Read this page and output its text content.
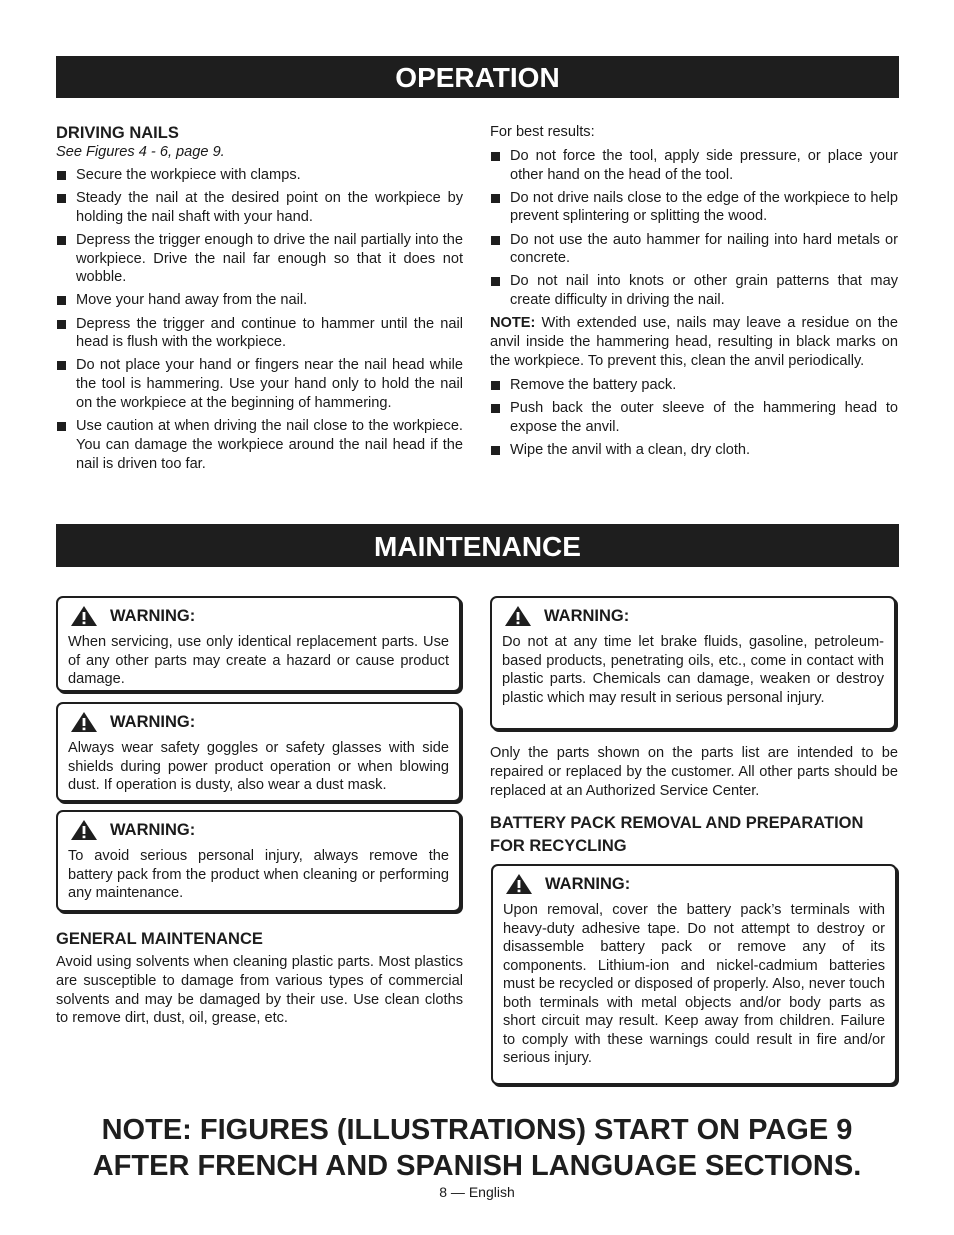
OPERATION
DRIVING NAILS
See Figures 4 - 6, page 9.
Secure the workpiece with clamps.
Steady the nail at the desired point on the workpiece by holding the nail shaft with your hand.
Depress the trigger enough to drive the nail partially into the workpiece. Drive the nail far enough so that it does not wobble.
Move your hand away from the nail.
Depress the trigger and continue to hammer until the nail head is flush with the workpiece.
Do not place your hand or fingers near the nail head while the tool is hammering. Use your hand only to hold the nail on the workpiece at the beginning of hammering.
Use caution at when driving the nail close to the workpiece. You can damage the workpiece around the nail head if the nail is driven too far.
For best results:
Do not force the tool, apply side pressure, or place your other hand on the head of the tool.
Do not drive nails close to the edge of the workpiece to help prevent splintering or splitting the wood.
Do not use the auto hammer for nailing into hard metals or concrete.
Do not nail into knots or other grain patterns that may create difficulty in driving the nail.

NOTE: With extended use, nails may leave a residue on the anvil inside the hammering head, resulting in black marks on the workpiece. To prevent this, clean the anvil periodically.

Remove the battery pack.
Push back the outer sleeve of the hammering head to expose the anvil.
Wipe the anvil with a clean, dry cloth.
MAINTENANCE
WARNING:

When servicing, use only identical replacement parts. Use of any other parts may create a hazard or cause product damage.

WARNING:

Always wear safety goggles or safety glasses with side shields during power product operation or when blowing dust. If operation is dusty, also wear a dust mask.

WARNING:

To avoid serious personal injury, always remove the battery pack from the product when cleaning or performing any maintenance.

GENERAL MAINTENANCE

Avoid using solvents when cleaning plastic parts. Most plastics are susceptible to damage from various types of commercial solvents and may be damaged by their use. Use clean cloths to remove dirt, dust, oil, grease, etc.

WARNING:

Do not at any time let brake fluids, gasoline, petroleum-based products, penetrating oils, etc., come in contact with plastic parts. Chemicals can damage, weaken or destroy plastic which may result in serious personal injury.

Only the parts shown on the parts list are intended to be repaired or replaced by the customer. All other parts should be replaced at an Authorized Service Center.

BATTERY PACK REMOVAL AND PREPARATION FOR RECYCLING
WARNING:

Upon removal, cover the battery pack’s terminals with heavy-duty adhesive tape. Do not attempt to destroy or disassemble battery pack or remove any of its components. Lithium-ion and nickel-cadmium batteries must be recycled or disposed of properly. Also, never touch both terminals with metal objects and/or body parts as short circuit may result. Keep away from children. Failure to comply with these warnings could result in fire and/or serious injury.

NOTE: FIGURES (ILLUSTRATIONS) START ON PAGE 9
AFTER FRENCH AND SPANISH LANGUAGE SECTIONS.
8 — English
